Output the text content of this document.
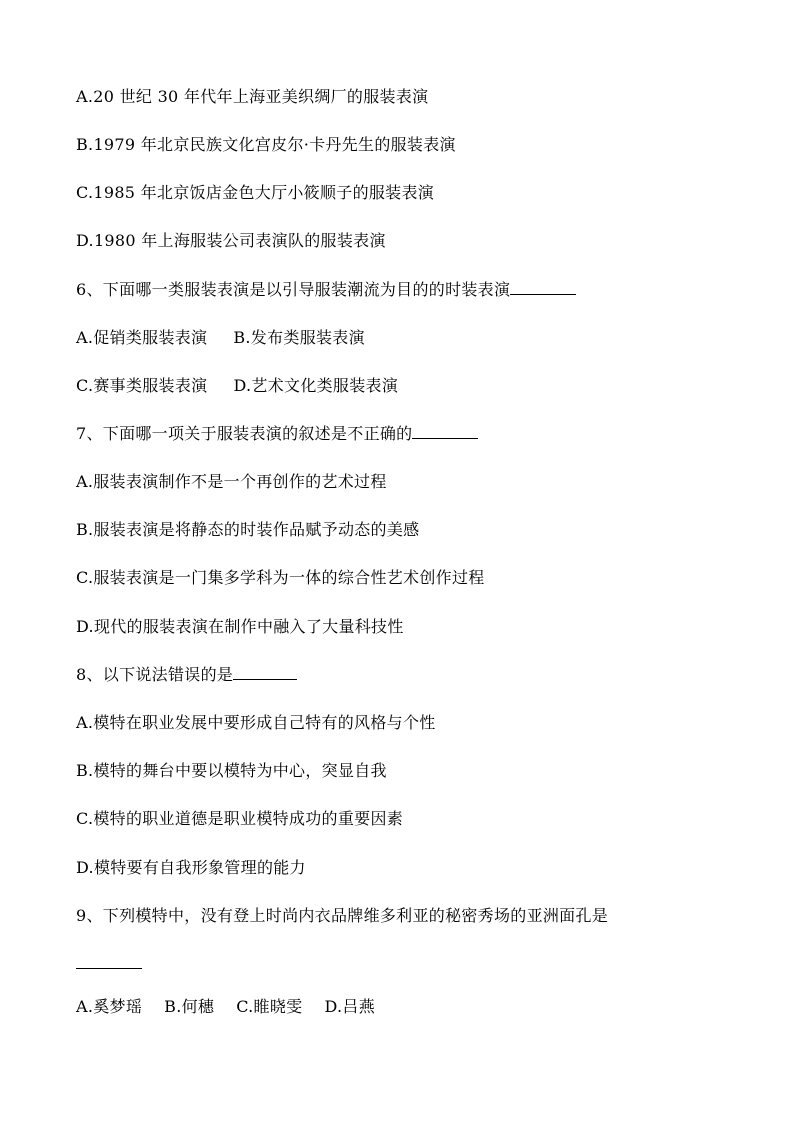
A.20 世纪 30 年代年上海亚美织绸厂的服装表演
B.1979 年北京民族文化宫皮尔·卡丹先生的服装表演
C.1985 年北京饭店金色大厅小筱顺子的服装表演
D.1980 年上海服装公司表演队的服装表演
6、下面哪一类服装表演是以引导服装潮流为目的的时装表演
A.促销类服装表演 B.发布类服装表演
C.赛事类服装表演 D.艺术文化类服装表演
7、下面哪一项关于服装表演的叙述是不正确的
A.服装表演制作不是一个再创作的艺术过程
B.服装表演是将静态的时装作品赋予动态的美感
C.服装表演是一门集多学科为一体的综合性艺术创作过程
D.现代的服装表演在制作中融入了大量科技性
8、以下说法错误的是
A.模特在职业发展中要形成自己特有的风格与个性
B.模特的舞台中要以模特为中心，突显自我
C.模特的职业道德是职业模特成功的重要因素
D.模特要有自我形象管理的能力
9、下列模特中，没有登上时尚内衣品牌维多利亚的秘密秀场的亚洲面孔是
A.奚梦瑶 B.何穗 C.睢晓雯 D.吕燕
